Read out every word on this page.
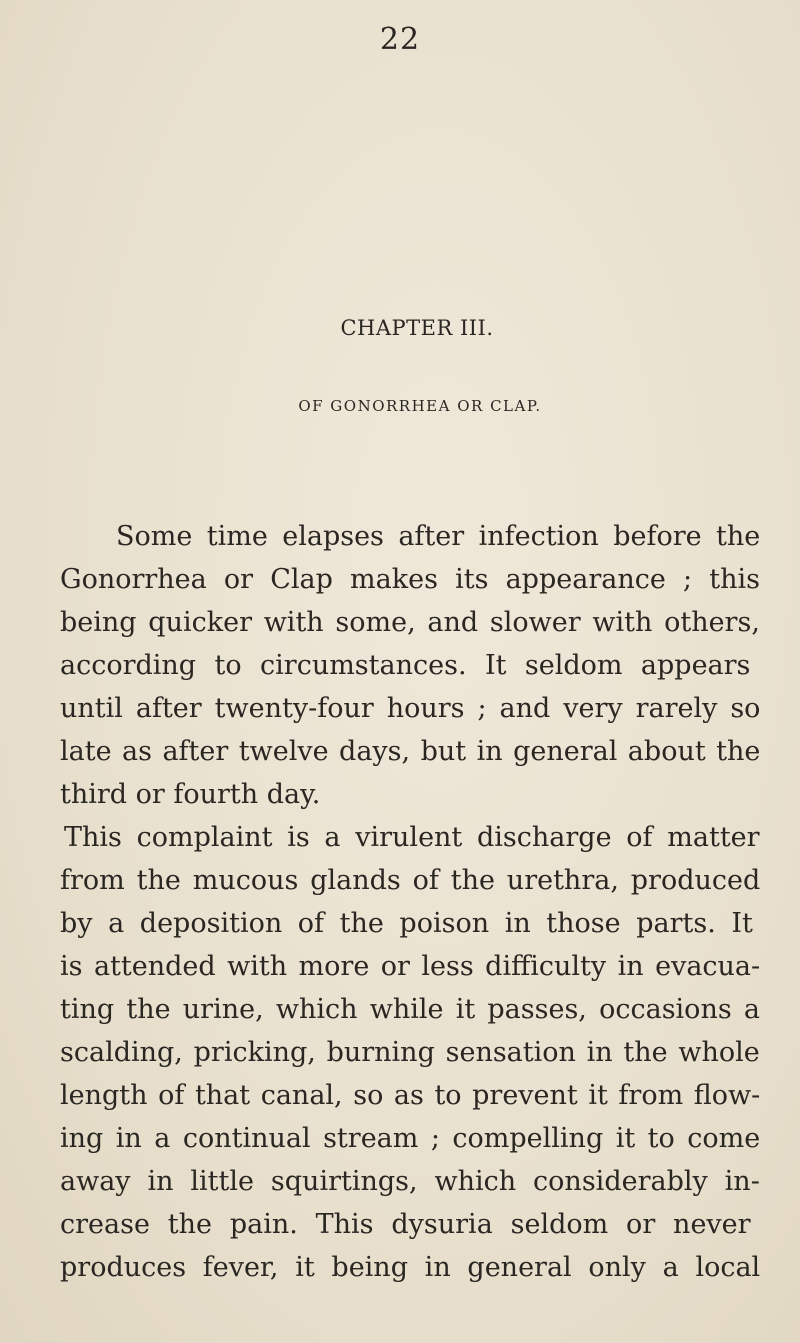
22
CHAPTER III.
OF GONORRHEA OR CLAP.
Some time elapses after infection before the
Gonorrhea or Clap makes its appearance ; this
being quicker with some, and slower with others,
according to circumstances. It seldom appears
until after twenty-four hours ; and very rarely so
late as after twelve days, but in general about the
third or fourth day.
This complaint is a virulent discharge of matter
from the mucous glands of the urethra, produced
by a deposition of the poison in those parts. It
is attended with more or less difficulty in evacua-
ting the urine, which while it passes, occasions a
scalding, pricking, burning sensation in the whole
length of that canal, so as to prevent it from flow-
ing in a continual stream ; compelling it to come
away in little squirtings, which considerably in-
crease the pain. This dysuria seldom or never
produces fever, it being in general only a local
